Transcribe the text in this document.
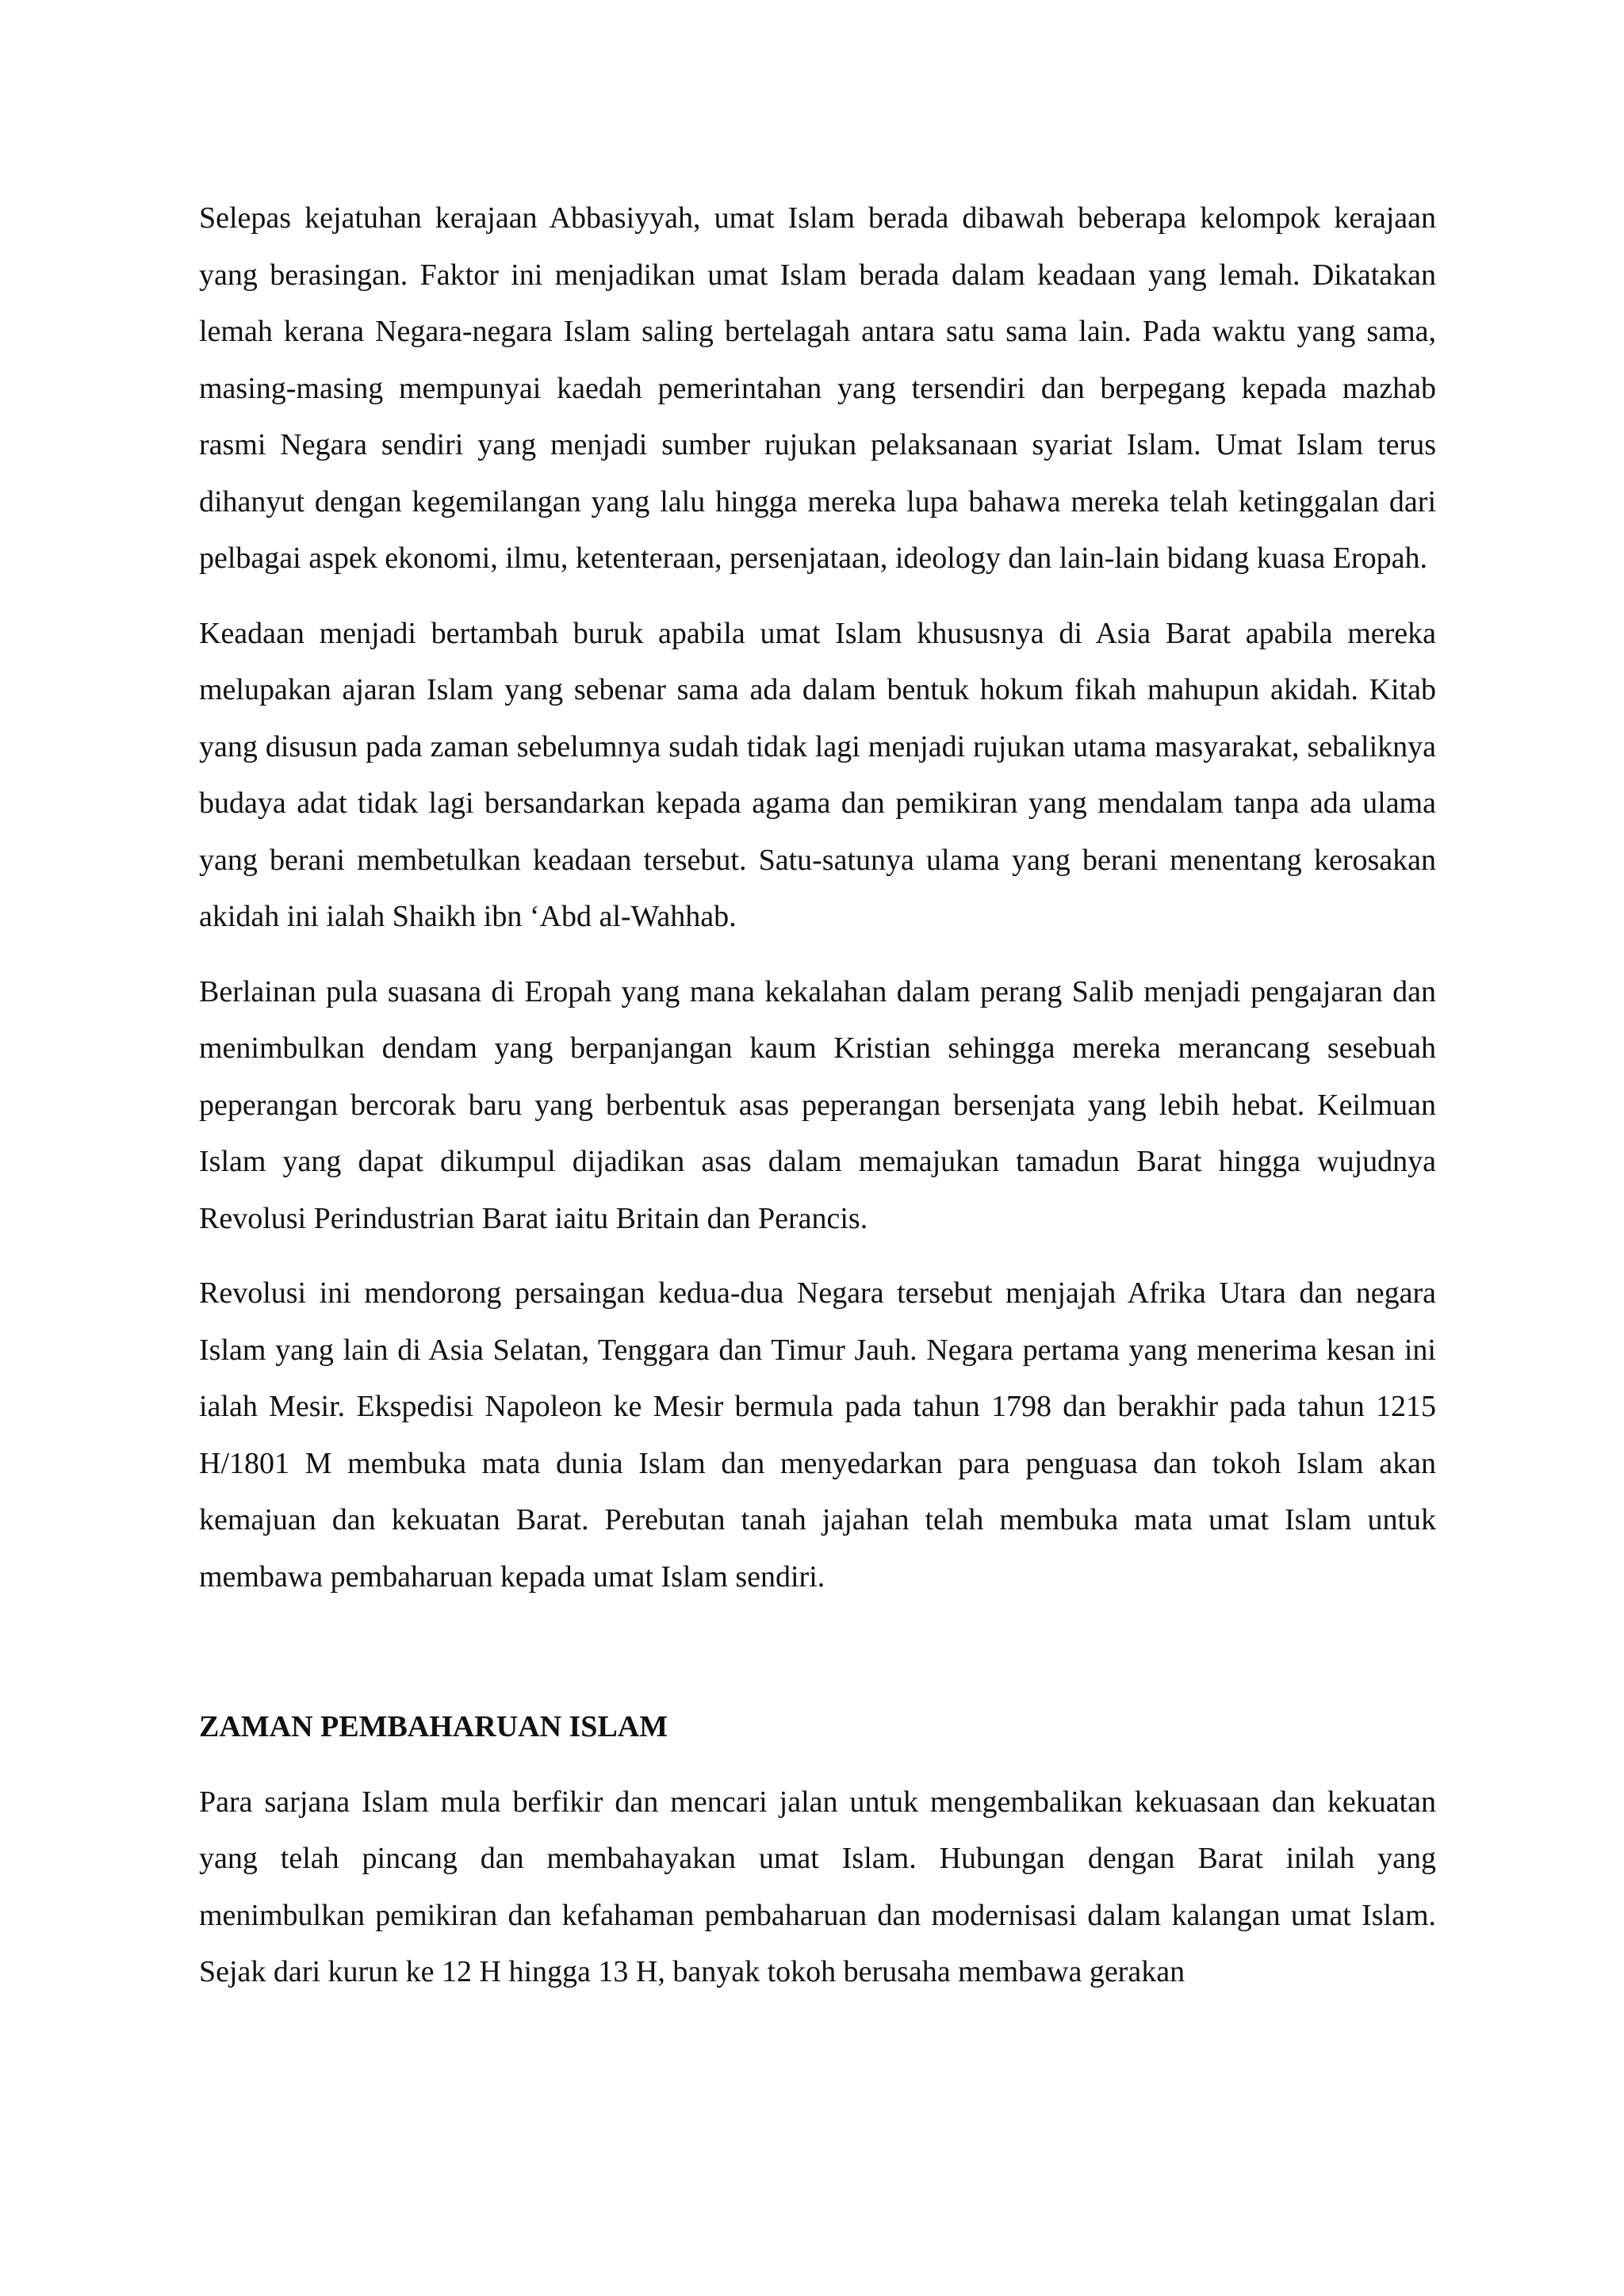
Selepas kejatuhan kerajaan Abbasiyyah, umat Islam berada dibawah beberapa kelompok kerajaan yang berasingan. Faktor ini menjadikan umat Islam berada dalam keadaan yang lemah. Dikatakan lemah kerana Negara-negara Islam saling bertelagah antara satu sama lain. Pada waktu yang sama, masing-masing mempunyai kaedah pemerintahan yang tersendiri dan berpegang kepada mazhab rasmi Negara sendiri yang menjadi sumber rujukan pelaksanaan syariat Islam. Umat Islam terus dihanyut dengan kegemilangan yang lalu hingga mereka lupa bahawa mereka telah ketinggalan dari pelbagai aspek ekonomi, ilmu, ketenteraan, persenjataan, ideology dan lain-lain bidang kuasa Eropah.

Keadaan menjadi bertambah buruk apabila umat Islam khususnya di Asia Barat apabila mereka melupakan ajaran Islam yang sebenar sama ada dalam bentuk hokum fikah mahupun akidah. Kitab yang disusun pada zaman sebelumnya sudah tidak lagi menjadi rujukan utama masyarakat, sebaliknya budaya adat tidak lagi bersandarkan kepada agama dan pemikiran yang mendalam tanpa ada ulama yang berani membetulkan keadaan tersebut. Satu-satunya ulama yang berani menentang kerosakan akidah ini ialah Shaikh ibn ‘Abd al-Wahhab.

Berlainan pula suasana di Eropah yang mana kekalahan dalam perang Salib menjadi pengajaran dan menimbulkan dendam yang berpanjangan kaum Kristian sehingga mereka merancang sesebuah peperangan bercorak baru yang berbentuk asas peperangan bersenjata yang lebih hebat. Keilmuan Islam yang dapat dikumpul dijadikan asas dalam memajukan tamadun Barat hingga wujudnya Revolusi Perindustrian Barat iaitu Britain dan Perancis.

Revolusi ini mendorong persaingan kedua-dua Negara tersebut menjajah Afrika Utara dan negara Islam yang lain di Asia Selatan, Tenggara dan Timur Jauh. Negara pertama yang menerima kesan ini ialah Mesir. Ekspedisi Napoleon ke Mesir bermula pada tahun 1798 dan berakhir pada tahun 1215 H/1801 M membuka mata dunia Islam dan menyedarkan para penguasa dan tokoh Islam akan kemajuan dan kekuatan Barat. Perebutan tanah jajahan telah membuka mata umat Islam untuk membawa pembaharuan kepada umat Islam sendiri.

ZAMAN PEMBAHARUAN ISLAM

Para sarjana Islam mula berfikir dan mencari jalan untuk mengembalikan kekuasaan dan kekuatan yang telah pincang dan membahayakan umat Islam. Hubungan dengan Barat inilah yang menimbulkan pemikiran dan kefahaman pembaharuan dan modernisasi dalam kalangan umat Islam. Sejak dari kurun ke 12 H hingga 13 H, banyak tokoh berusaha membawa gerakan
